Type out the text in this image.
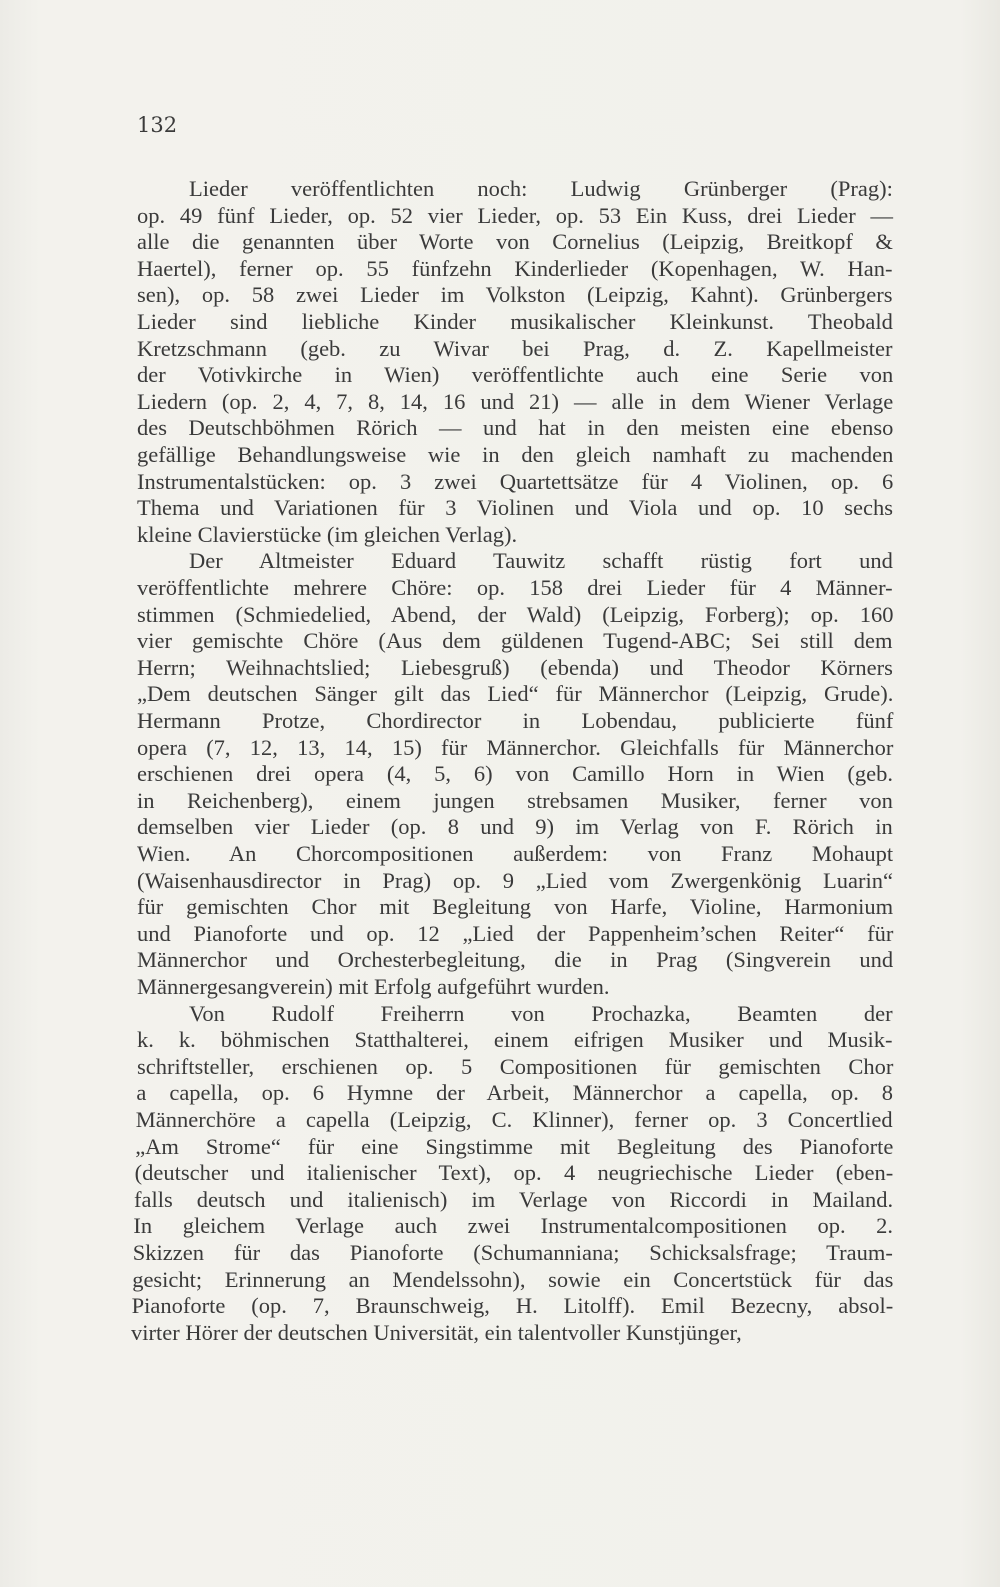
132
Lieder veröffentlichten noch: Ludwig Grünberger (Prag):
op. 49 fünf Lieder, op. 52 vier Lieder, op. 53 Ein Kuss, drei Lieder —
alle die genannten über Worte von Cornelius (Leipzig, Breitkopf &
Haertel), ferner op. 55 fünfzehn Kinderlieder (Kopenhagen, W. Han-
sen), op. 58 zwei Lieder im Volkston (Leipzig, Kahnt). Grünbergers
Lieder sind liebliche Kinder musikalischer Kleinkunst. Theobald
Kretzschmann (geb. zu Wivar bei Prag, d. Z. Kapellmeister
der Votivkirche in Wien) veröffentlichte auch eine Serie von
Liedern (op. 2, 4, 7, 8, 14, 16 und 21) — alle in dem Wiener Verlage
des Deutschböhmen Rörich — und hat in den meisten eine ebenso
gefällige Behandlungsweise wie in den gleich namhaft zu machenden
Instrumentalstücken: op. 3 zwei Quartettsätze für 4 Violinen, op. 6
Thema und Variationen für 3 Violinen und Viola und op. 10 sechs
kleine Clavierstücke (im gleichen Verlag).
Der Altmeister Eduard Tauwitz schafft rüstig fort und
veröffentlichte mehrere Chöre: op. 158 drei Lieder für 4 Männer-
stimmen (Schmiedelied, Abend, der Wald) (Leipzig, Forberg); op. 160
vier gemischte Chöre (Aus dem güldenen Tugend-ABC; Sei still dem
Herrn; Weihnachtslied; Liebesgruß) (ebenda) und Theodor Körners
„Dem deutschen Sänger gilt das Lied“ für Männerchor (Leipzig, Grude).
Hermann Protze, Chordirector in Lobendau, publicierte fünf
opera (7, 12, 13, 14, 15) für Männerchor. Gleichfalls für Männerchor
erschienen drei opera (4, 5, 6) von Camillo Horn in Wien (geb.
in Reichenberg), einem jungen strebsamen Musiker, ferner von
demselben vier Lieder (op. 8 und 9) im Verlag von F. Rörich in
Wien. An Chorcompositionen außerdem: von Franz Mohaupt
(Waisenhausdirector in Prag) op. 9 „Lied vom Zwergenkönig Luarin“
für gemischten Chor mit Begleitung von Harfe, Violine, Harmonium
und Pianoforte und op. 12 „Lied der Pappenheim’schen Reiter“ für
Männerchor und Orchesterbegleitung, die in Prag (Singverein und
Männergesangverein) mit Erfolg aufgeführt wurden.
Von Rudolf Freiherrn von Prochazka, Beamten der
k. k. böhmischen Statthalterei, einem eifrigen Musiker und Musik-
schriftsteller, erschienen op. 5 Compositionen für gemischten Chor
a capella, op. 6 Hymne der Arbeit, Männerchor a capella, op. 8
Männerchöre a capella (Leipzig, C. Klinner), ferner op. 3 Concertlied
„Am Strome“ für eine Singstimme mit Begleitung des Pianoforte
(deutscher und italienischer Text), op. 4 neugriechische Lieder (eben-
falls deutsch und italienisch) im Verlage von Riccordi in Mailand.
In gleichem Verlage auch zwei Instrumentalcompositionen op. 2.
Skizzen für das Pianoforte (Schumanniana; Schicksalsfrage; Traum-
gesicht; Erinnerung an Mendelssohn), sowie ein Concertstück für das
Pianoforte (op. 7, Braunschweig, H. Litolff). Emil Bezecny, absol-
virter Hörer der deutschen Universität, ein talentvoller Kunstjünger,
